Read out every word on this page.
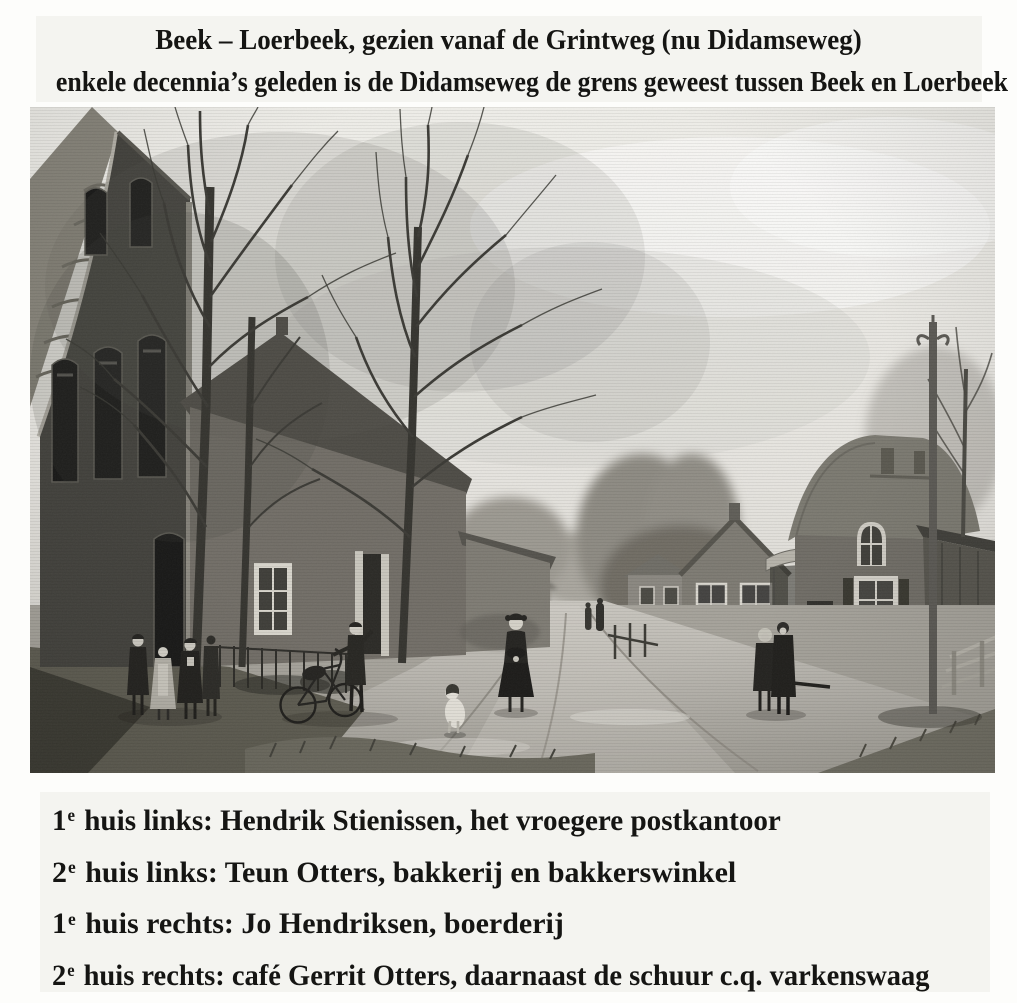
Beek – Loerbeek, gezien vanaf de Grintweg (nu Didamseweg)
enkele decennia’s geleden is de Didamseweg de grens geweest tussen Beek en Loerbeek

1e huis links: Hendrik Stienissen, het vroegere postkantoor

2e huis links: Teun Otters, bakkerij en bakkerswinkel

1e huis rechts: Jo Hendriksen, boerderij

2e huis rechts: café Gerrit Otters, daarnaast de schuur c.q. varkenswaag
